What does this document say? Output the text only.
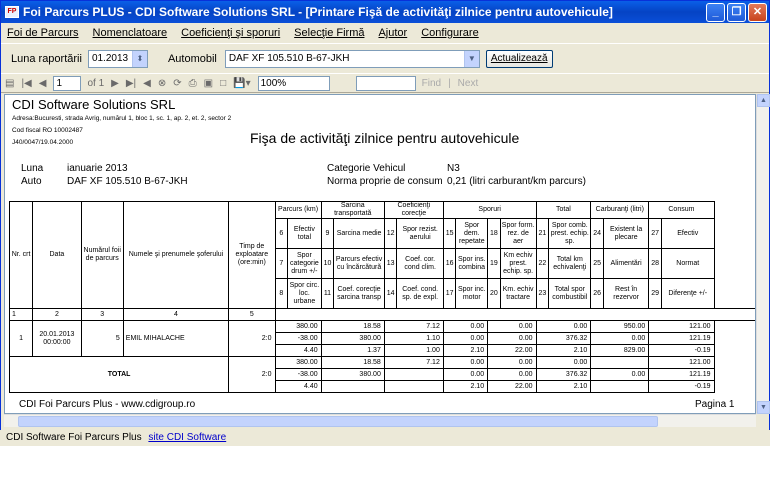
FP Foi Parcurs PLUS - CDI Software Solutions SRL - [Printare Fişă de activităţi zilnice pentru autovehicule]	_	❐	✕
Foi de Parcurs Nomenclatoare Coeficienţi şi sporuri Selecţie Firmă Ajutor Configurare
Luna raportării 01.2013	⬍	Automobil DAF XF 105.510 B-67-JKH	▼	Actualizează
▤ |◀ ◀	1	of 1 ▶ ▶| ◀ ⊗ ⟳ ⎙ ▣ □ 💾▾	100%	Find | Next
CDI Software Solutions SRL
Adresa:Bucuresti, strada Avrig, numărul 1, bloc 1, sc. 1, ap. 2, et. 2, sector 2
Cod fiscal RO 10002487
J40/0047/19.04.2000	Fişa de activităţi zilnice pentru autovehicule
Luna ianuarie 2013
Auto	DAF XF 105.510 B-67-JKH
Categorie Vehicul	N3
Norma proprie de consum 0,21 (litri carburant/km parcurs)
Nr. crt	Data	Numărul foii de parcurs	Numele şi prenumele şoferului	Timp de exploatare (ore:min)	Parcurs (km)		Sarcina transportată		Coeficienţi corecţie		Sporuri				Total		Carburanţi (litri)		Consum	
					6	Efectiv total	9	Sarcina medie	12	Spor rezist. aerului	15	Spor dem. repetate	18	Spor form. rez. de aer	21	Spor comb. prest. echip. sp.	24	Existent la plecare	27	Efectiv
					7	Spor categorie drum +/-	10	Parcurs efectiv cu încărcătură	13	Coef. cor. cond clim.	16	Spor ins. combina	19	Km echiv prest. echip. sp.	22	Total km echivalenţi	25	Alimentări	28	Normat
					8	Spor circ. loc. urbane	11	Coef. corecţie sarcina transp	14	Coef. cond. sp. de expl.	17	Spor inc. motor	20	Km. echiv tractare	23	Total spor combustibil	26	Rest în rezervor	29	Diferenţe +/-
1	2	3	4	5																
1	20.01.2013 00:00:00	5	EMIL MIHALACHE	2:0	380.00		18.58		7.12		0.00		0.00		0.00		950.00		121.00	
					-38.00		380.00		1.10		0.00		0.00		376.32		0.00		121.19	
					4.40		1.37		1.00		2.10		22.00		2.10		829.00		-0.19	
TOTAL				2:0	380.00		18.58		7.12		0.00		0.00		0.00				121.00	
					-38.00		380.00				0.00		0.00		376.32		0.00		121.19	
					4.40						2.10		22.00		2.10				-0.19	
CDI Foi Parcurs Plus - www.cdigroup.ro	Pagina 1
▲
▼
CDI Software Foi Parcurs Plus site CDI Software
